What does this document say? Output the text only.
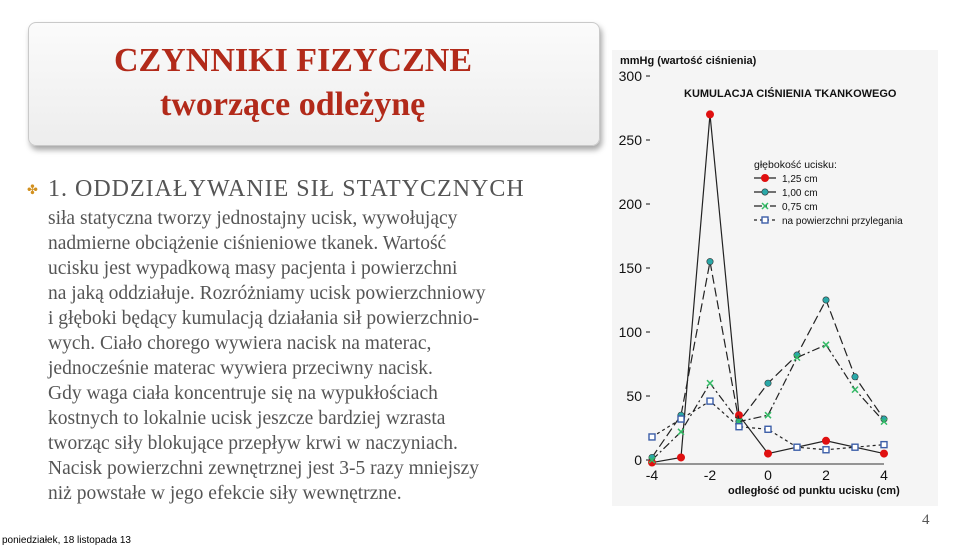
CZYNNIKI FIZYCZNE
tworzące odleżynę
✤ 1. ODDZIAŁYWANIE SIŁ STATYCZNYCH
siła statyczna tworzy jednostajny ucisk, wywołujący
nadmierne obciążenie ciśnieniowe tkanek. Wartość
ucisku jest wypadkową masy pacjenta i powierzchni
na jaką oddziałuje. Rozróżniamy ucisk powierzchniowy
i głęboki będący kumulacją działania sił powierzchnio-
wych. Ciało chorego wywiera nacisk na materac,
jednocześnie materac wywiera przeciwny nacisk.
Gdy waga ciała koncentruje się na wypukłościach
kostnych to lokalnie ucisk jeszcze bardziej wzrasta
tworząc siły blokujące przepływ krwi w naczyniach.
Nacisk powierzchni zewnętrznej jest 3-5 razy mniejszy
niż powstałe w jego efekcie siły wewnętrzne.
mmHg (wartość ciśnienia)
KUMULACJA CIŚNIENIA TKANKOWEGO
głębokość ucisku:
odległość od punktu ucisku (cm)
0
50
100
150
200
250
300
-4	-2	0	2	4
1,25 cm
1,00 cm
0,75 cm
na powierzchni przylegania
4
poniedziałek, 18 listopada 13
